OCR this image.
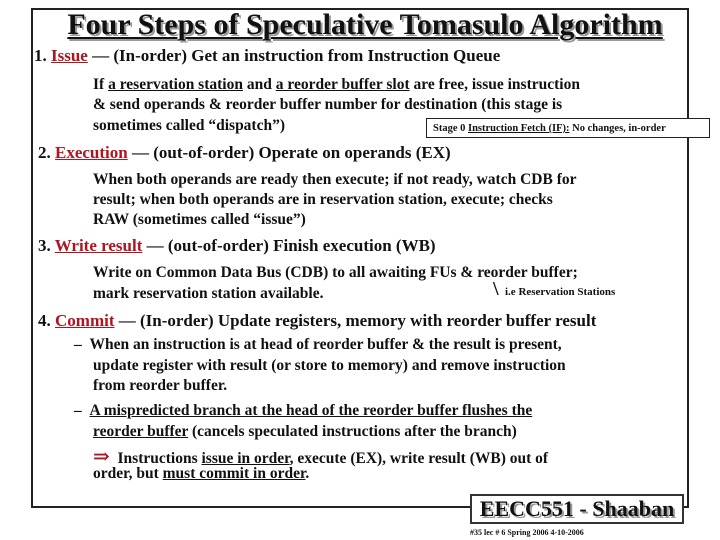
Four Steps of Speculative Tomasulo Algorithm
1. Issue — (In-order) Get an instruction from Instruction Queue
If a reservation station and a reorder buffer slot are free, issue instruction
& send operands & reorder buffer number for destination (this stage is
sometimes called “dispatch”)	Stage 0 Instruction Fetch (IF): No changes, in-order
2. Execution — (out-of-order) Operate on operands (EX)
When both operands are ready then execute; if not ready, watch CDB for
result; when both operands are in reservation station, execute; checks
RAW (sometimes called “issue”)
3. Write result — (out-of-order) Finish execution (WB)
Write on Common Data Bus (CDB) to all awaiting FUs & reorder buffer;
mark reservation station available.	\ i.e Reservation Stations
4. Commit — (In-order) Update registers, memory with reorder buffer result
– When an instruction is at head of reorder buffer & the result is present,
update register with result (or store to memory) and remove instruction
from reorder buffer.
– A mispredicted branch at the head of the reorder buffer flushes the
reorder buffer (cancels speculated instructions after the branch)
⇒ Instructions issue in order, execute (EX), write result (WB) out of
order, but must commit in order.
EECC551 - Shaaban
#35 lec # 6 Spring 2006 4-10-2006
